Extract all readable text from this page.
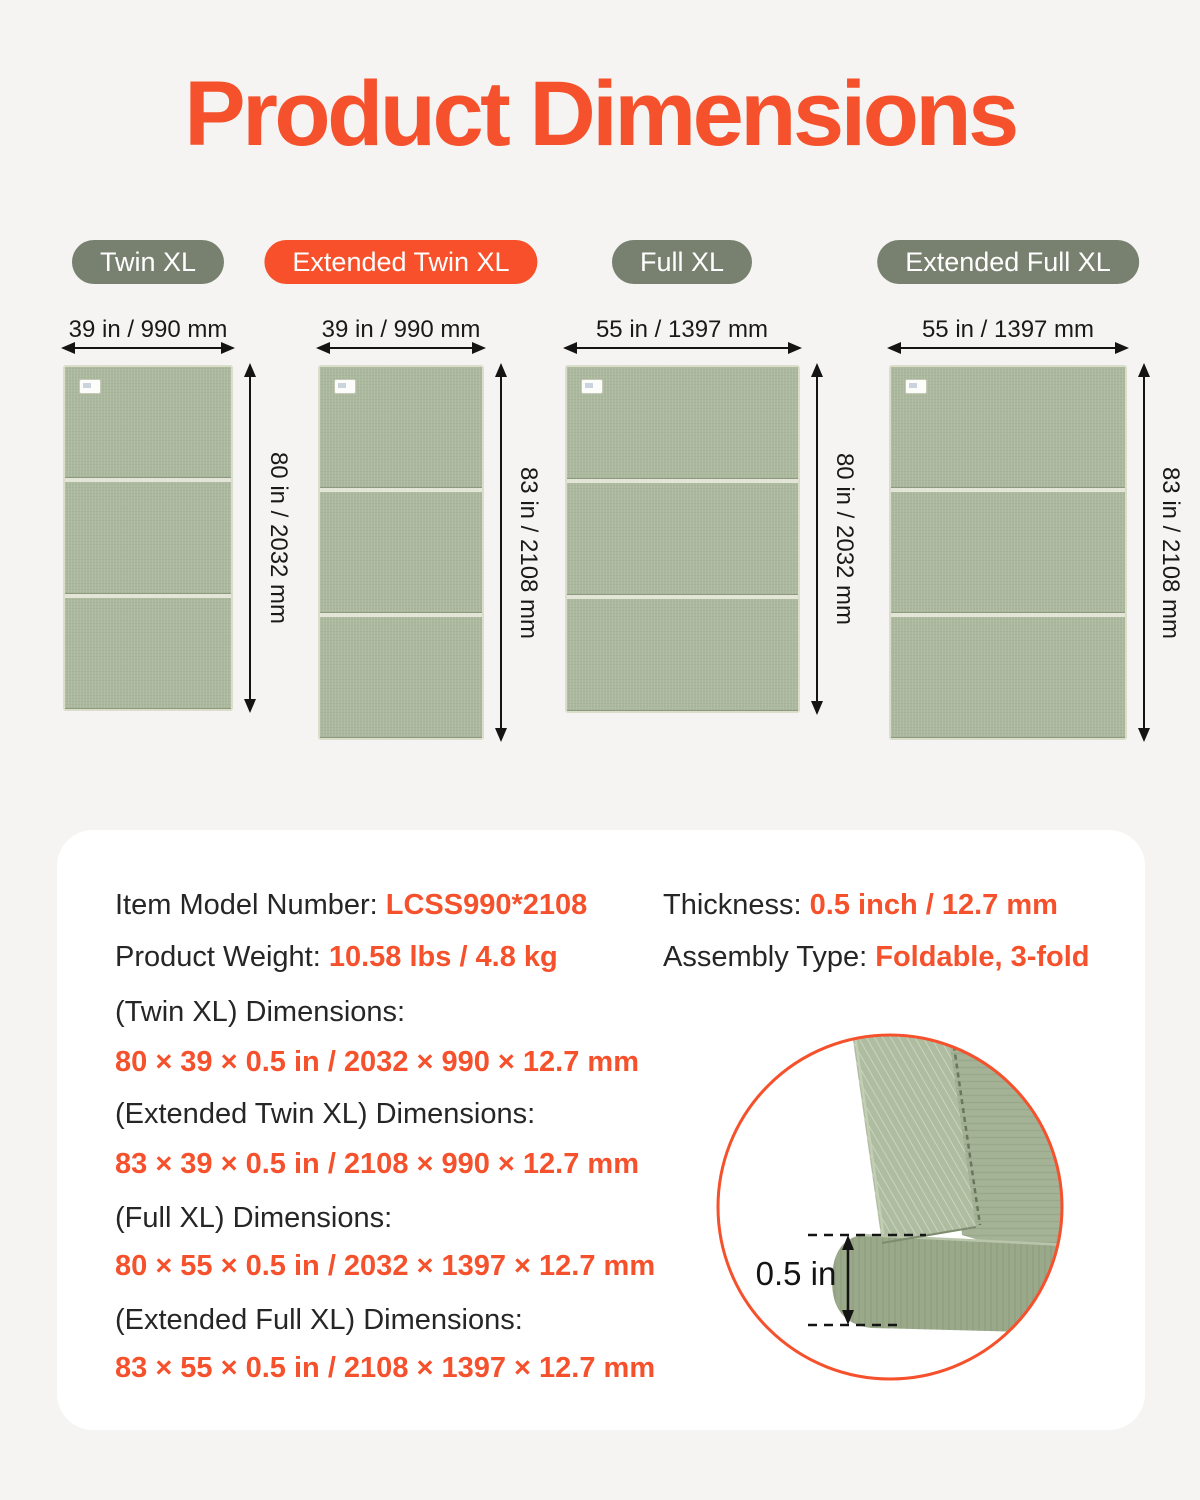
Product Dimensions
Twin XL
39 in / 990 mm
80 in / 2032 mm
Extended Twin XL
39 in / 990 mm
83 in / 2108 mm
Full XL
55 in / 1397 mm
80 in / 2032 mm
Extended Full XL
55 in / 1397 mm
83 in / 2108 mm

Item Model Number: LCSS990*2108

Product Weight: 10.58 lbs / 4.8 kg

Thickness: 0.5 inch / 12.7 mm

Assembly Type: Foldable, 3-fold

(Twin XL) Dimensions:

80 × 39 × 0.5 in / 2032 × 990 × 12.7 mm

(Extended Twin XL) Dimensions:

83 × 39 × 0.5 in / 2108 × 990 × 12.7 mm

(Full XL) Dimensions:

80 × 55 × 0.5 in / 2032 × 1397 × 12.7 mm

(Extended Full XL) Dimensions:

83 × 55 × 0.5 in / 2108 × 1397 × 12.7 mm

0.5 in
